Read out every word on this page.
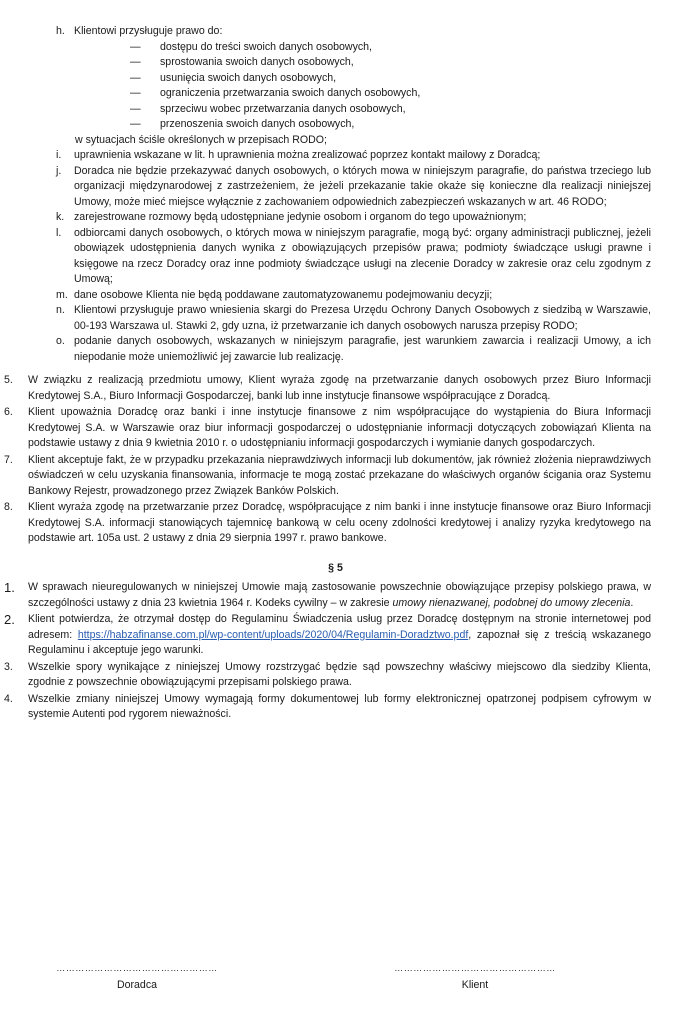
h. Klientowi przysługuje prawo do:
—	dostępu do treści swoich danych osobowych,
—	sprostowania swoich danych osobowych,
—	usunięcia swoich danych osobowych,
—	ograniczenia przetwarzania swoich danych osobowych,
—	sprzeciwu wobec przetwarzania danych osobowych,
—	przenoszenia swoich danych osobowych,
w sytuacjach ściśle określonych w przepisach RODO;
i.	uprawnienia wskazane w lit. h uprawnienia można zrealizować poprzez kontakt mailowy z Doradcą;
j.	Doradca nie będzie przekazywać danych osobowych, o których mowa w niniejszym paragrafie, do państwa trzeciego lub organizacji międzynarodowej z zastrzeżeniem, że jeżeli przekazanie takie okaże się konieczne dla realizacji niniejszej Umowy, może mieć miejsce wyłącznie z zachowaniem odpowiednich zabezpieczeń wskazanych w art. 46 RODO;
k. zarejestrowane rozmowy będą udostępniane jedynie osobom i organom do tego upoważnionym;
l.	odbiorcami danych osobowych, o których mowa w niniejszym paragrafie, mogą być: organy administracji publicznej, jeżeli obowiązek udostępnienia danych wynika z obowiązujących przepisów prawa; podmioty świadczące usługi prawne i księgowe na rzecz Doradcy oraz inne podmioty świadczące usługi na zlecenie Doradcy w zakresie oraz celu zgodnym z Umową;
m. dane osobowe Klienta nie będą poddawane zautomatyzowanemu podejmowaniu decyzji;
n. Klientowi przysługuje prawo wniesienia skargi do Prezesa Urzędu Ochrony Danych Osobowych z siedzibą w Warszawie, 00-193 Warszawa ul. Stawki 2, gdy uzna, iż przetwarzanie ich danych osobowych narusza przepisy RODO;
o. podanie danych osobowych, wskazanych w niniejszym paragrafie, jest warunkiem zawarcia i realizacji Umowy, a ich niepodanie może uniemożliwić jej zawarcie lub realizację.
5.	W związku z realizacją przedmiotu umowy, Klient wyraża zgodę na przetwarzanie danych osobowych przez Biuro Informacji Kredytowej S.A., Biuro Informacji Gospodarczej, banki lub inne instytucje finansowe współpracujące z Doradcą.
6.	Klient upoważnia Doradcę oraz banki i inne instytucje finansowe z nim współpracujące do wystąpienia do Biura Informacji Kredytowej S.A. w Warszawie oraz biur informacji gospodarczej o udostępnianie informacji dotyczących zobowiązań Klienta na podstawie ustawy z dnia 9 kwietnia 2010 r. o udostępnianiu informacji gospodarczych i wymianie danych gospodarczych.
7.	Klient akceptuje fakt, że w przypadku przekazania nieprawdziwych informacji lub dokumentów, jak również złożenia nieprawdziwych oświadczeń w celu uzyskania finansowania, informacje te mogą zostać przekazane do właściwych organów ścigania oraz Systemu Bankowy Rejestr, prowadzonego przez Związek Banków Polskich.
8.	Klient wyraża zgodę na przetwarzanie przez Doradcę, współpracujące z nim banki i inne instytucje finansowe oraz Biuro Informacji Kredytowej S.A. informacji stanowiących tajemnicę bankową w celu oceny zdolności kredytowej i analizy ryzyka kredytowego na podstawie art. 105a ust. 2 ustawy z dnia 29 sierpnia 1997 r. prawo bankowe.
§ 5
1.	W sprawach nieuregulowanych w niniejszej Umowie mają zastosowanie powszechnie obowiązujące przepisy polskiego prawa, w szczególności ustawy z dnia 23 kwietnia 1964 r. Kodeks cywilny – w zakresie umowy nienazwanej, podobnej do umowy zlecenia.
2.	Klient potwierdza, że otrzymał dostęp do Regulaminu Świadczenia usług przez Doradcę dostępnym na stronie internetowej pod adresem: https://habzafinanse.com.pl/wp-content/uploads/2020/04/Regulamin-Doradztwo.pdf, zapoznał się z treścią wskazanego Regulaminu i akceptuje jego warunki.
3.	Wszelkie spory wynikające z niniejszej Umowy rozstrzygać będzie sąd powszechny właściwy miejscowo dla siedziby Klienta, zgodnie z powszechnie obowiązującymi przepisami polskiego prawa.
4.	Wszelkie zmiany niniejszej Umowy wymagają formy dokumentowej lub formy elektronicznej opatrzonej podpisem cyfrowym w systemie Autenti pod rygorem nieważności.
……………………………………………
Doradca
……………………………………………
Klient
